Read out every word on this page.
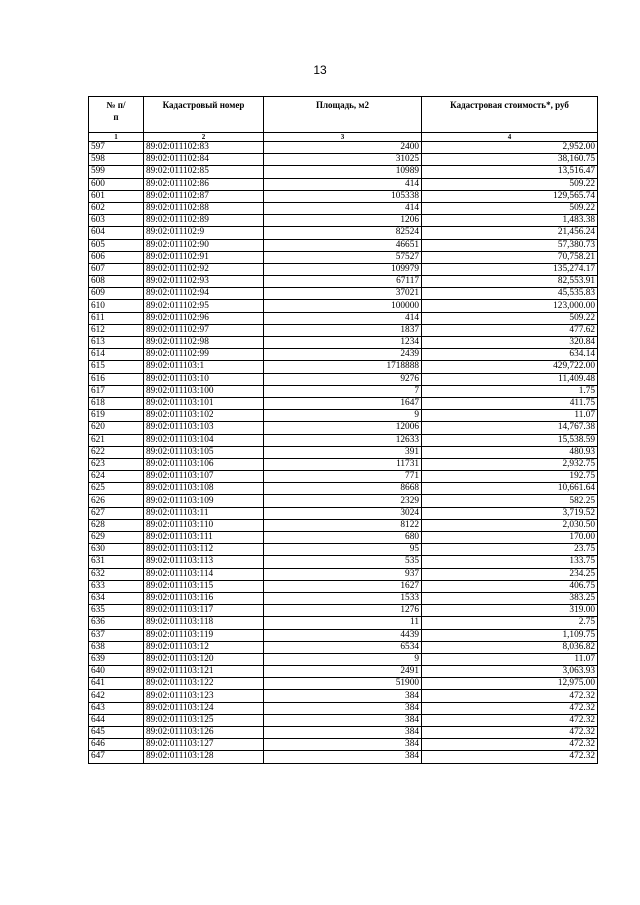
13
№ п/п	Кадастровый номер	Площадь, м2	Кадастровая стоимость*, руб
1	2	3	4
597	89:02:011102:83	2400	2,952.00
598	89:02:011102:84	31025	38,160.75
599	89:02:011102:85	10989	13,516.47
600	89:02:011102:86	414	509.22
601	89:02:011102:87	105338	129,565.74
602	89:02:011102:88	414	509.22
603	89:02:011102:89	1206	1,483.38
604	89:02:011102:9	82524	21,456.24
605	89:02:011102:90	46651	57,380.73
606	89:02:011102:91	57527	70,758.21
607	89:02:011102:92	109979	135,274.17
608	89:02:011102:93	67117	82,553.91
609	89:02:011102:94	37021	45,535.83
610	89:02:011102:95	100000	123,000.00
611	89:02:011102:96	414	509.22
612	89:02:011102:97	1837	477.62
613	89:02:011102:98	1234	320.84
614	89:02:011102:99	2439	634.14
615	89:02:011103:1	1718888	429,722.00
616	89:02:011103:10	9276	11,409.48
617	89:02:011103:100	7	1.75
618	89:02:011103:101	1647	411.75
619	89:02:011103:102	9	11.07
620	89:02:011103:103	12006	14,767.38
621	89:02:011103:104	12633	15,538.59
622	89:02:011103:105	391	480.93
623	89:02:011103:106	11731	2,932.75
624	89:02:011103:107	771	192.75
625	89:02:011103:108	8668	10,661.64
626	89:02:011103:109	2329	582.25
627	89:02:011103:11	3024	3,719.52
628	89:02:011103:110	8122	2,030.50
629	89:02:011103:111	680	170.00
630	89:02:011103:112	95	23.75
631	89:02:011103:113	535	133.75
632	89:02:011103:114	937	234.25
633	89:02:011103:115	1627	406.75
634	89:02:011103:116	1533	383.25
635	89:02:011103:117	1276	319.00
636	89:02:011103:118	11	2.75
637	89:02:011103:119	4439	1,109.75
638	89:02:011103:12	6534	8,036.82
639	89:02:011103:120	9	11.07
640	89:02:011103:121	2491	3,063.93
641	89:02:011103:122	51900	12,975.00
642	89:02:011103:123	384	472.32
643	89:02:011103:124	384	472.32
644	89:02:011103:125	384	472.32
645	89:02:011103:126	384	472.32
646	89:02:011103:127	384	472.32
647	89:02:011103:128	384	472.32
